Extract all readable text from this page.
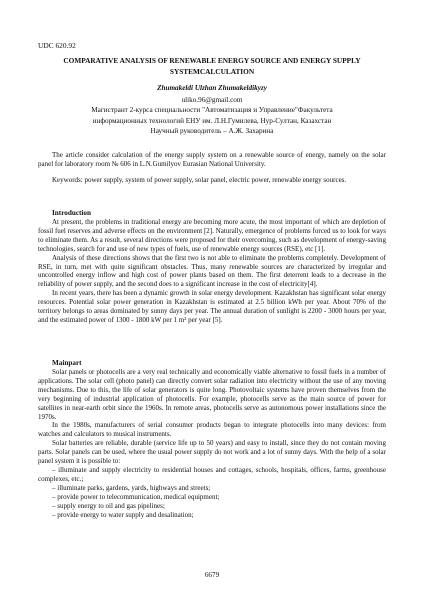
UDC 620.92
COMPARATIVE ANALYSIS OF RENEWABLE ENERGY SOURCE AND ENERGY SUPPLY SYSTEMCALCULATION
Zhumakeldi Ulzhan Zhumakeldikyzy
uliko.96@gmail.com
Магистрант 2-курса специальности "Автоматизация и Управление"Факультета
информационных технологий ЕНУ им. Л.Н.Гумилева, Нур-Султан, Казахстан
Научный руководитель – А.Ж. Захарина

The article consider calculation of the energy supply system on a renewable source of energy, namely on the solar panel for laboratory room № 606 in L.N.Gumilyov Eurasian National University.

Keywords: power supply, system of power supply, solar panel, electric power, renewable energy sources.

Introduction

At present, the problems in traditional energy are becoming more acute, the most important of which are depletion of fossil fuel reserves and adverse effects on the environment [2]. Naturally, emergence of problems forced us to look for ways to eliminate them. As a result, several directions were proposed for their overcoming, such as development of energy-saving technologies, search for and use of new types of fuels, use of renewable energy sources (RSE), etc [1].

Analysis of these directions shows that the first two is not able to eliminate the problems completely. Development of RSE, in turn, met with quite significant obstacles. Thus, many renewable sources are characterized by irregular and uncontrolled energy inflow and high cost of power plants based on them. The first deterrent leads to a decrease in the reliability of power supply, and the second does to a significant increase in the cost of electricity[4].

In recent years, there has been a dynamic growth in solar energy development. Kazakhstan has significant solar energy resources. Potential solar power generation in Kazakhstan is estimated at 2.5 billion kWh per year. About 70% of the territory belongs to areas dominated by sunny days per year. The annual duration of sunlight is 2200 - 3000 hours per year, and the estimated power of 1300 - 1800 kW per 1 m² per year [5].

Mainpart

Solar panels or photocells are a very real technically and economically viable alternative to fossil fuels in a number of applications. The solar cell (photo panel) can directly convert solar radiation into electricity without the use of any moving mechanisms. Due to this, the life of solar generators is quite long. Photovoltaic systems have proven themselves from the very beginning of industrial application of photocells. For example, photocells serve as the main source of power for satellites in near-earth orbit since the 1960s. In remote areas, photocells serve as autonomous power installations since the 1970s.

In the 1980s, manufacturers of serial consumer products began to integrate photocells into many devices: from watches and calculators to musical instruments.

Solar batteries are reliable, durable (service life up to 50 years) and easy to install, since they do not contain moving parts. Solar panels can be used, where the usual power supply do not work and a lot of sunny days. With the help of a solar panel system it is possible to:

– illuminate and supply electricity to residential houses and cottages, schools, hospitals, offices, farms, greenhouse complexes, etc.;
– illuminate parks, gardens, yards, highways and streets;
– provide power to telecommunication, medical equipment;
– supply energy to oil and gas pipelines;
– provide energy to water supply and desalination;
6679
